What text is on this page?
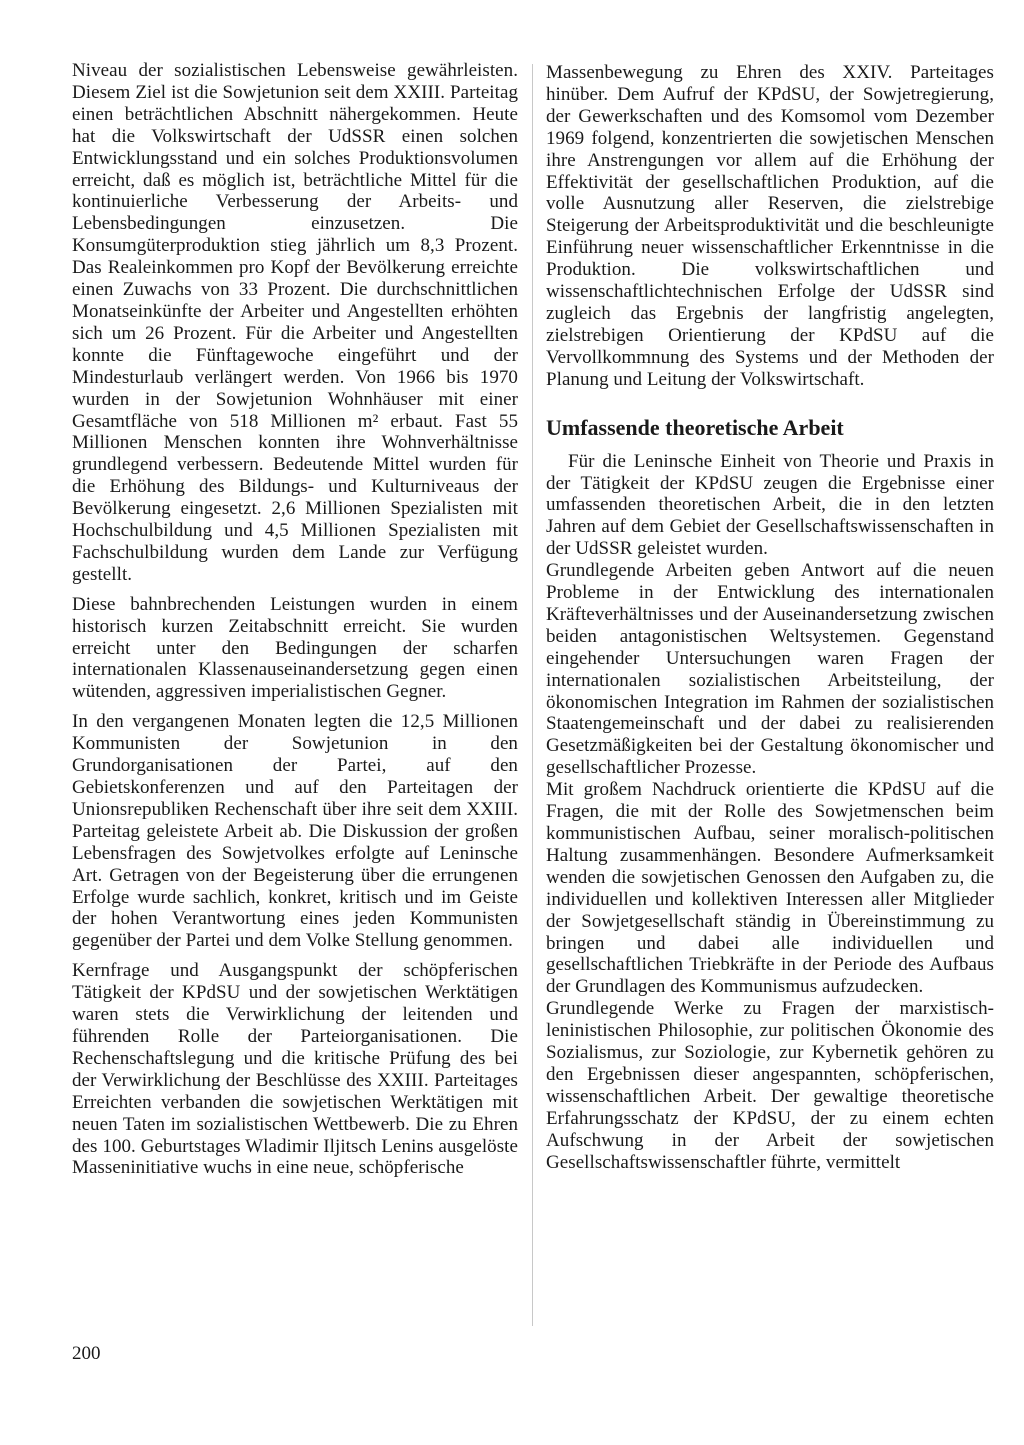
Niveau der sozialistischen Lebensweise gewährleisten. Diesem Ziel ist die Sowjetunion seit dem XXIII. Parteitag einen beträchtlichen Abschnitt nähergekommen. Heute hat die Volkswirtschaft der UdSSR einen solchen Entwicklungsstand und ein solches Produktionsvolumen erreicht, daß es möglich ist, beträchtliche Mittel für die kontinuierliche Verbesserung der Arbeits- und Lebensbedingungen einzusetzen. Die Konsumgüterproduktion stieg jährlich um 8,3 Prozent. Das Realeinkommen pro Kopf der Bevölkerung erreichte einen Zuwachs von 33 Prozent. Die durchschnittlichen Monatseinkünfte der Arbeiter und Angestellten erhöhten sich um 26 Prozent. Für die Arbeiter und Angestellten konnte die Fünftagewoche eingeführt und der Mindesturlaub verlängert werden. Von 1966 bis 1970 wurden in der Sowjetunion Wohnhäuser mit einer Gesamtfläche von 518 Millionen m² erbaut. Fast 55 Millionen Menschen konnten ihre Wohnverhältnisse grundlegend verbessern. Bedeutende Mittel wurden für die Erhöhung des Bildungs- und Kulturniveaus der Bevölkerung eingesetzt. 2,6 Millionen Spezialisten mit Hochschulbildung und 4,5 Millionen Spezialisten mit Fachschulbildung wurden dem Lande zur Verfügung gestellt.

Diese bahnbrechenden Leistungen wurden in einem historisch kurzen Zeitabschnitt erreicht. Sie wurden erreicht unter den Bedingungen der scharfen internationalen Klassenauseinandersetzung gegen einen wütenden, aggressiven imperialistischen Gegner.

In den vergangenen Monaten legten die 12,5 Millionen Kommunisten der Sowjetunion in den Grundorganisationen der Partei, auf den Gebietskonferenzen und auf den Parteitagen der Unionsrepubliken Rechenschaft über ihre seit dem XXIII. Parteitag geleistete Arbeit ab. Die Diskussion der großen Lebensfragen des Sowjetvolkes erfolgte auf Leninsche Art. Getragen von der Begeisterung über die errungenen Erfolge wurde sachlich, konkret, kritisch und im Geiste der hohen Verantwortung eines jeden Kommunisten gegenüber der Partei und dem Volke Stellung genommen.

Kernfrage und Ausgangspunkt der schöpferischen Tätigkeit der KPdSU und der sowjetischen Werktätigen waren stets die Verwirklichung der leitenden und führenden Rolle der Parteiorganisationen. Die Rechenschaftslegung und die kritische Prüfung des bei der Verwirklichung der Beschlüsse des XXIII. Parteitages Erreichten verbanden die sowjetischen Werktätigen mit neuen Taten im sozialistischen Wettbewerb. Die zu Ehren des 100. Geburtstages Wladimir Iljitsch Lenins ausgelöste Masseninitiative wuchs in eine neue, schöpferische

Massenbewegung zu Ehren des XXIV. Parteitages hinüber. Dem Aufruf der KPdSU, der Sowjetregierung, der Gewerkschaften und des Komsomol vom Dezember 1969 folgend, konzentrierten die sowjetischen Menschen ihre Anstrengungen vor allem auf die Erhöhung der Effektivität der gesellschaftlichen Produktion, auf die volle Ausnutzung aller Reserven, die zielstrebige Steigerung der Arbeitsproduktivität und die beschleunigte Einführung neuer wissenschaftlicher Erkenntnisse in die Produktion. Die volkswirtschaftlichen und wissenschaftlichtechnischen Erfolge der UdSSR sind zugleich das Ergebnis der langfristig angelegten, zielstrebigen Orientierung der KPdSU auf die Vervollkommnung des Systems und der Methoden der Planung und Leitung der Volkswirtschaft.

Umfassende theoretische Arbeit

Für die Leninsche Einheit von Theorie und Praxis in der Tätigkeit der KPdSU zeugen die Ergebnisse einer umfassenden theoretischen Arbeit, die in den letzten Jahren auf dem Gebiet der Gesellschaftswissenschaften in der UdSSR geleistet wurden.

Grundlegende Arbeiten geben Antwort auf die neuen Probleme in der Entwicklung des internationalen Kräfteverhältnisses und der Auseinandersetzung zwischen beiden antagonistischen Weltsystemen. Gegenstand eingehender Untersuchungen waren Fragen der internationalen sozialistischen Arbeitsteilung, der ökonomischen Integration im Rahmen der sozialistischen Staatengemeinschaft und der dabei zu realisierenden Gesetzmäßigkeiten bei der Gestaltung ökonomischer und gesellschaftlicher Prozesse.

Mit großem Nachdruck orientierte die KPdSU auf die Fragen, die mit der Rolle des Sowjetmenschen beim kommunistischen Aufbau, seiner moralisch-politischen Haltung zusammenhängen. Besondere Aufmerksamkeit wenden die sowjetischen Genossen den Aufgaben zu, die individuellen und kollektiven Interessen aller Mitglieder der Sowjetgesellschaft ständig in Übereinstimmung zu bringen und dabei alle individuellen und gesellschaftlichen Triebkräfte in der Periode des Aufbaus der Grundlagen des Kommunismus aufzudecken.

Grundlegende Werke zu Fragen der marxistisch-leninistischen Philosophie, zur politischen Ökonomie des Sozialismus, zur Soziologie, zur Kybernetik gehören zu den Ergebnissen dieser angespannten, schöpferischen, wissenschaftlichen Arbeit. Der gewaltige theoretische Erfahrungsschatz der KPdSU, der zu einem echten Aufschwung in der Arbeit der sowjetischen Gesellschaftswissenschaftler führte, vermittelt

200
